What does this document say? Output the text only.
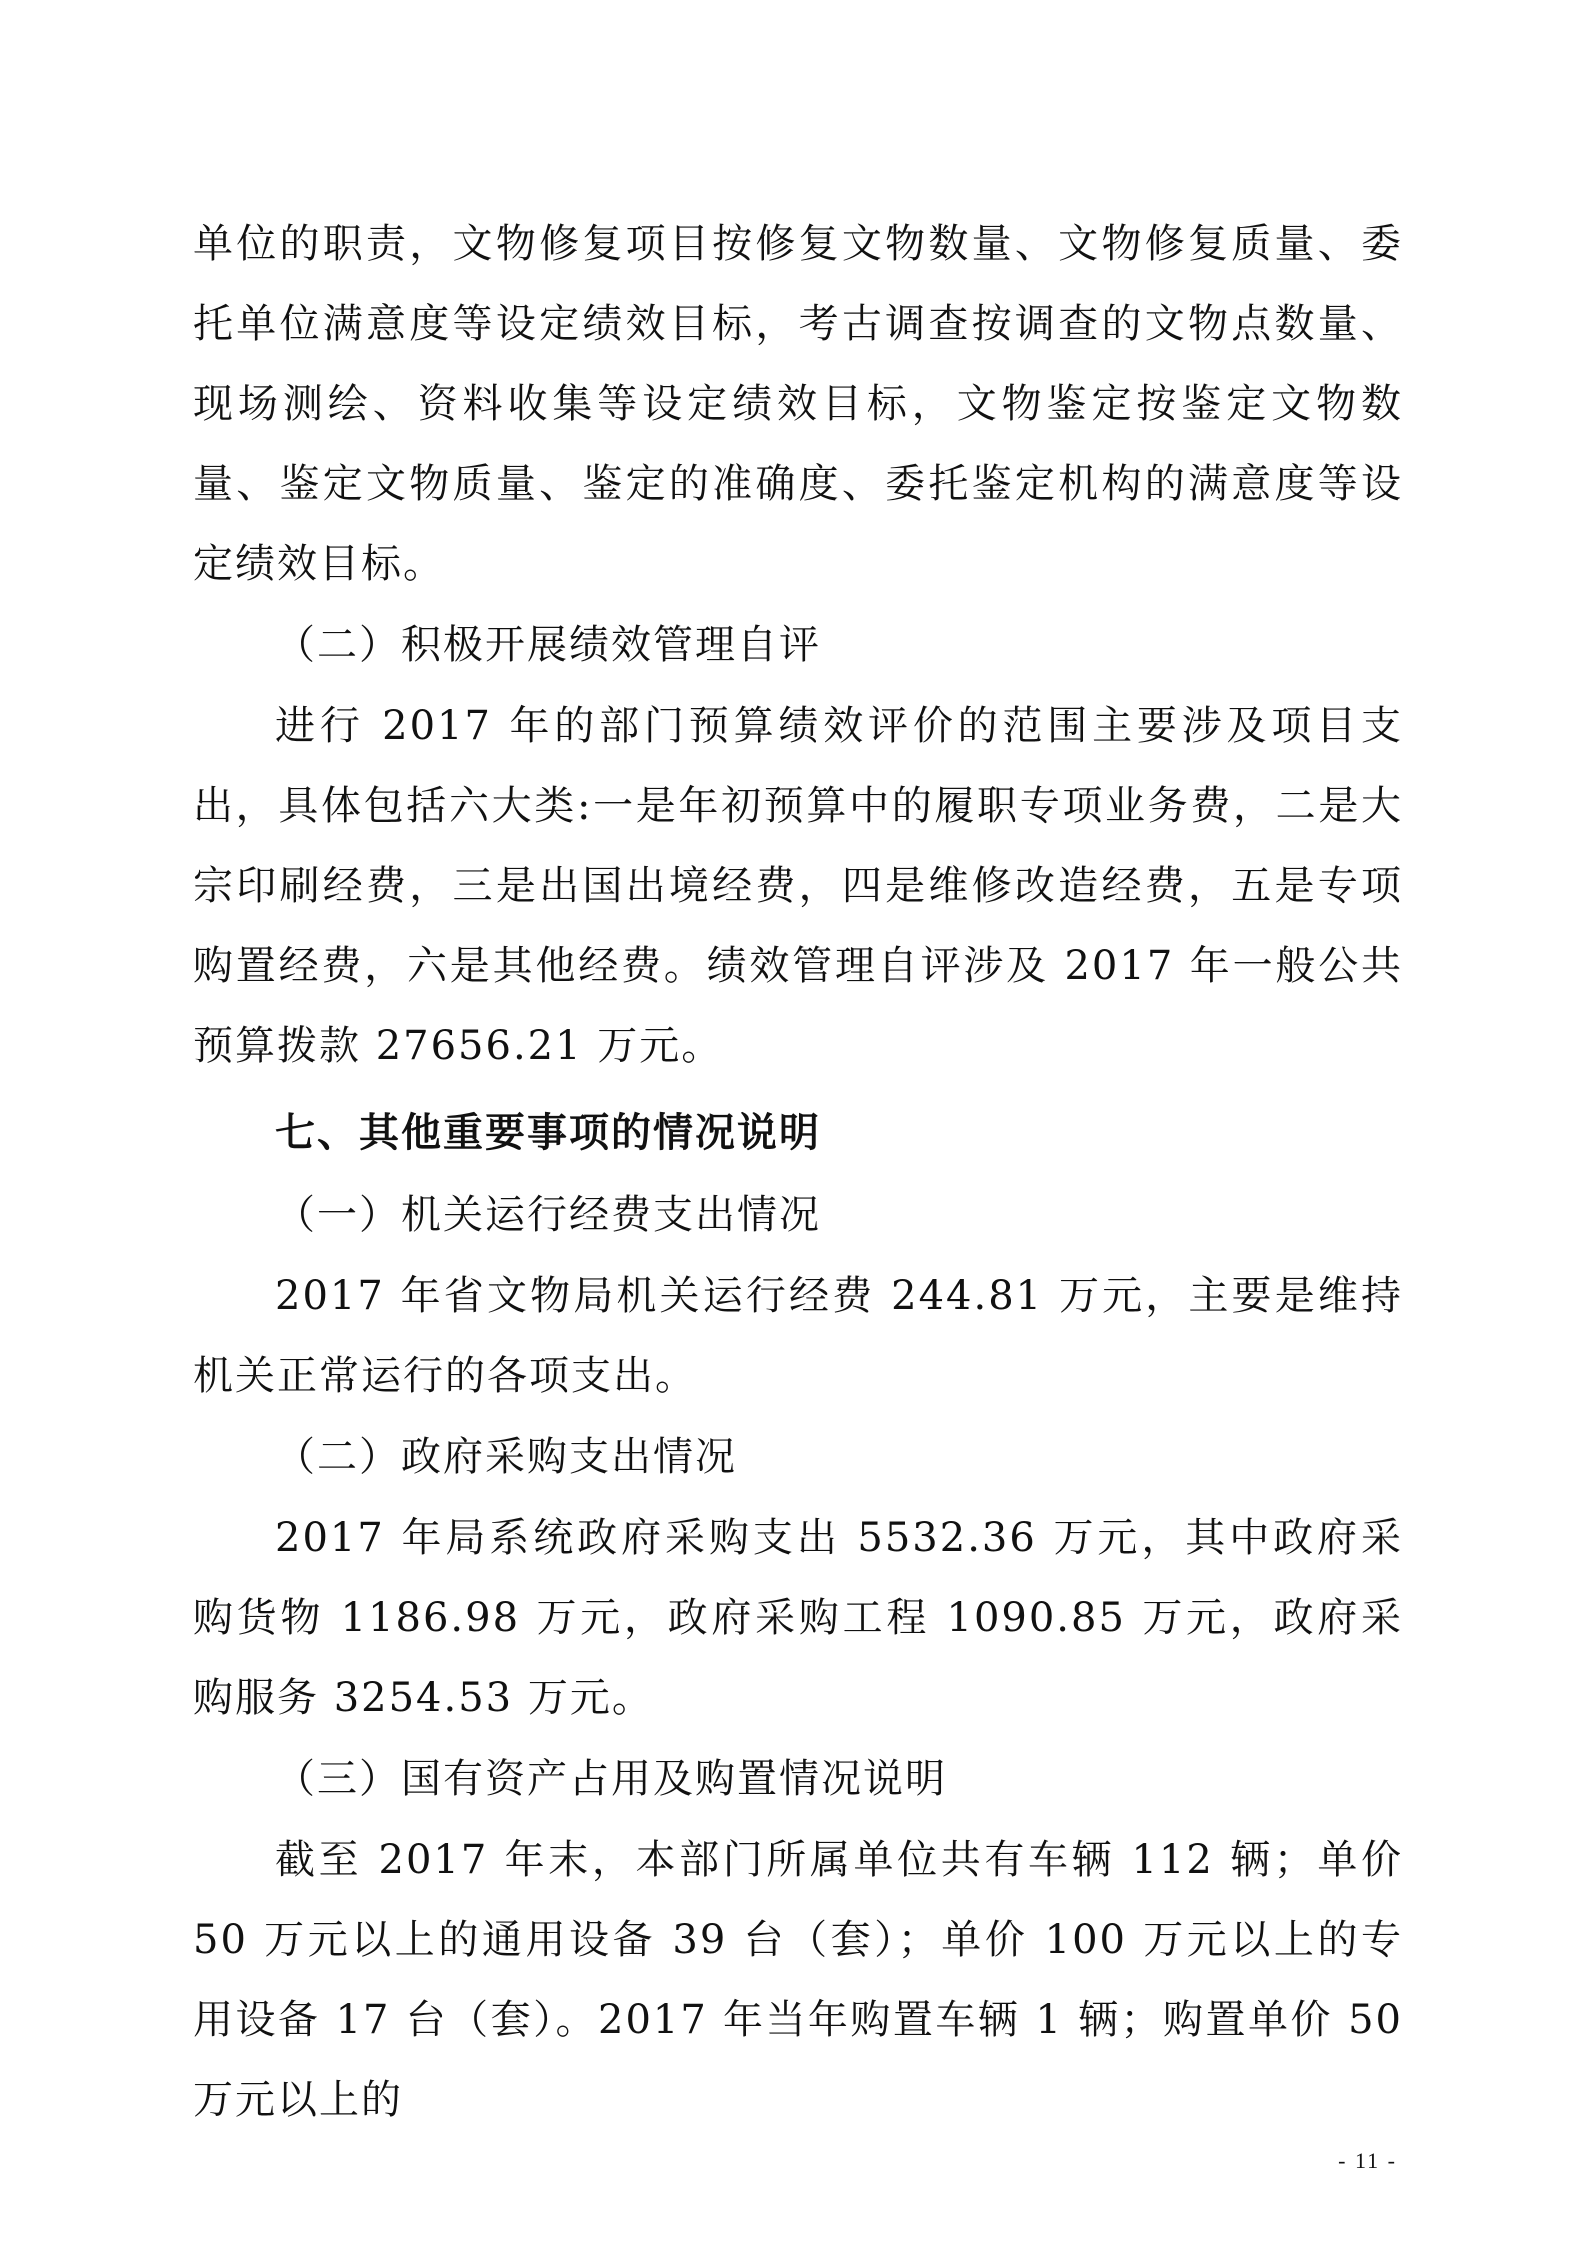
单位的职责，文物修复项目按修复文物数量、文物修复质量、委托单位满意度等设定绩效目标，考古调查按调查的文物点数量、现场测绘、资料收集等设定绩效目标，文物鉴定按鉴定文物数量、鉴定文物质量、鉴定的准确度、委托鉴定机构的满意度等设定绩效目标。

（二）积极开展绩效管理自评

进行 2017 年的部门预算绩效评价的范围主要涉及项目支出，具体包括六大类:一是年初预算中的履职专项业务费，二是大宗印刷经费，三是出国出境经费，四是维修改造经费，五是专项购置经费，六是其他经费。绩效管理自评涉及 2017 年一般公共预算拨款 27656.21 万元。

七、其他重要事项的情况说明

（一）机关运行经费支出情况

2017 年省文物局机关运行经费 244.81 万元，主要是维持机关正常运行的各项支出。

（二）政府采购支出情况

2017 年局系统政府采购支出 5532.36 万元，其中政府采购货物 1186.98 万元，政府采购工程 1090.85 万元，政府采购服务 3254.53 万元。

（三）国有资产占用及购置情况说明

截至 2017 年末，本部门所属单位共有车辆 112 辆；单价 50 万元以上的通用设备 39 台（套）；单价 100 万元以上的专用设备 17 台（套）。2017 年当年购置车辆 1 辆；购置单价 50 万元以上的

- 11 -
